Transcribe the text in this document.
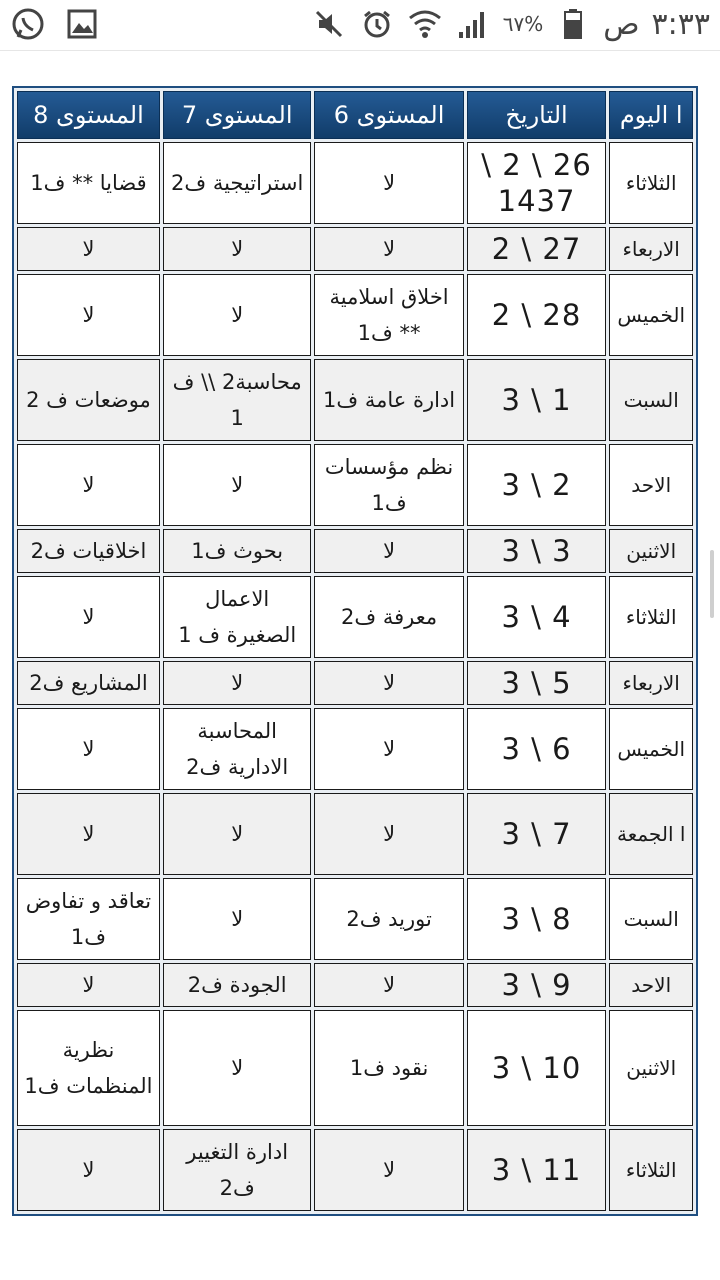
٦٧% ص ٣:٣٣
ا اليوم	التاريخ	المستوى 6	المستوى 7	المستوى 8
الثلاثاء	26 \ 2 \ 1437	لا	استراتيجية ف2	قضايا ** ف1
الاربعاء	27 \ 2	لا	لا	لا
الخميس	28 \ 2	اخلاق اسلامية ** ف1	لا	لا
السبت	1 \ 3	ادارة عامة ف1	محاسبة2 \\ ف 1	موضعات ف 2
الاحد	2 \ 3	نظم مؤسسات ف1	لا	لا
الاثنين	3 \ 3	لا	بحوث ف1	اخلاقيات ف2
الثلاثاء	4 \ 3	معرفة ف2	الاعمال الصغيرة ف 1	لا
الاربعاء	5 \ 3	لا	لا	المشاريع ف2
الخميس	6 \ 3	لا	المحاسبة الادارية ف2	لا
ا الجمعة	7 \ 3	لا	لا	لا
السبت	8 \ 3	توريد ف2	لا	تعاقد و تفاوض ف1
الاحد	9 \ 3	لا	الجودة ف2	لا
الاثنين	10 \ 3	نقود ف1	لا	نظرية المنظمات ف1
الثلاثاء	11 \ 3	لا	ادارة التغيير ف2	لا
